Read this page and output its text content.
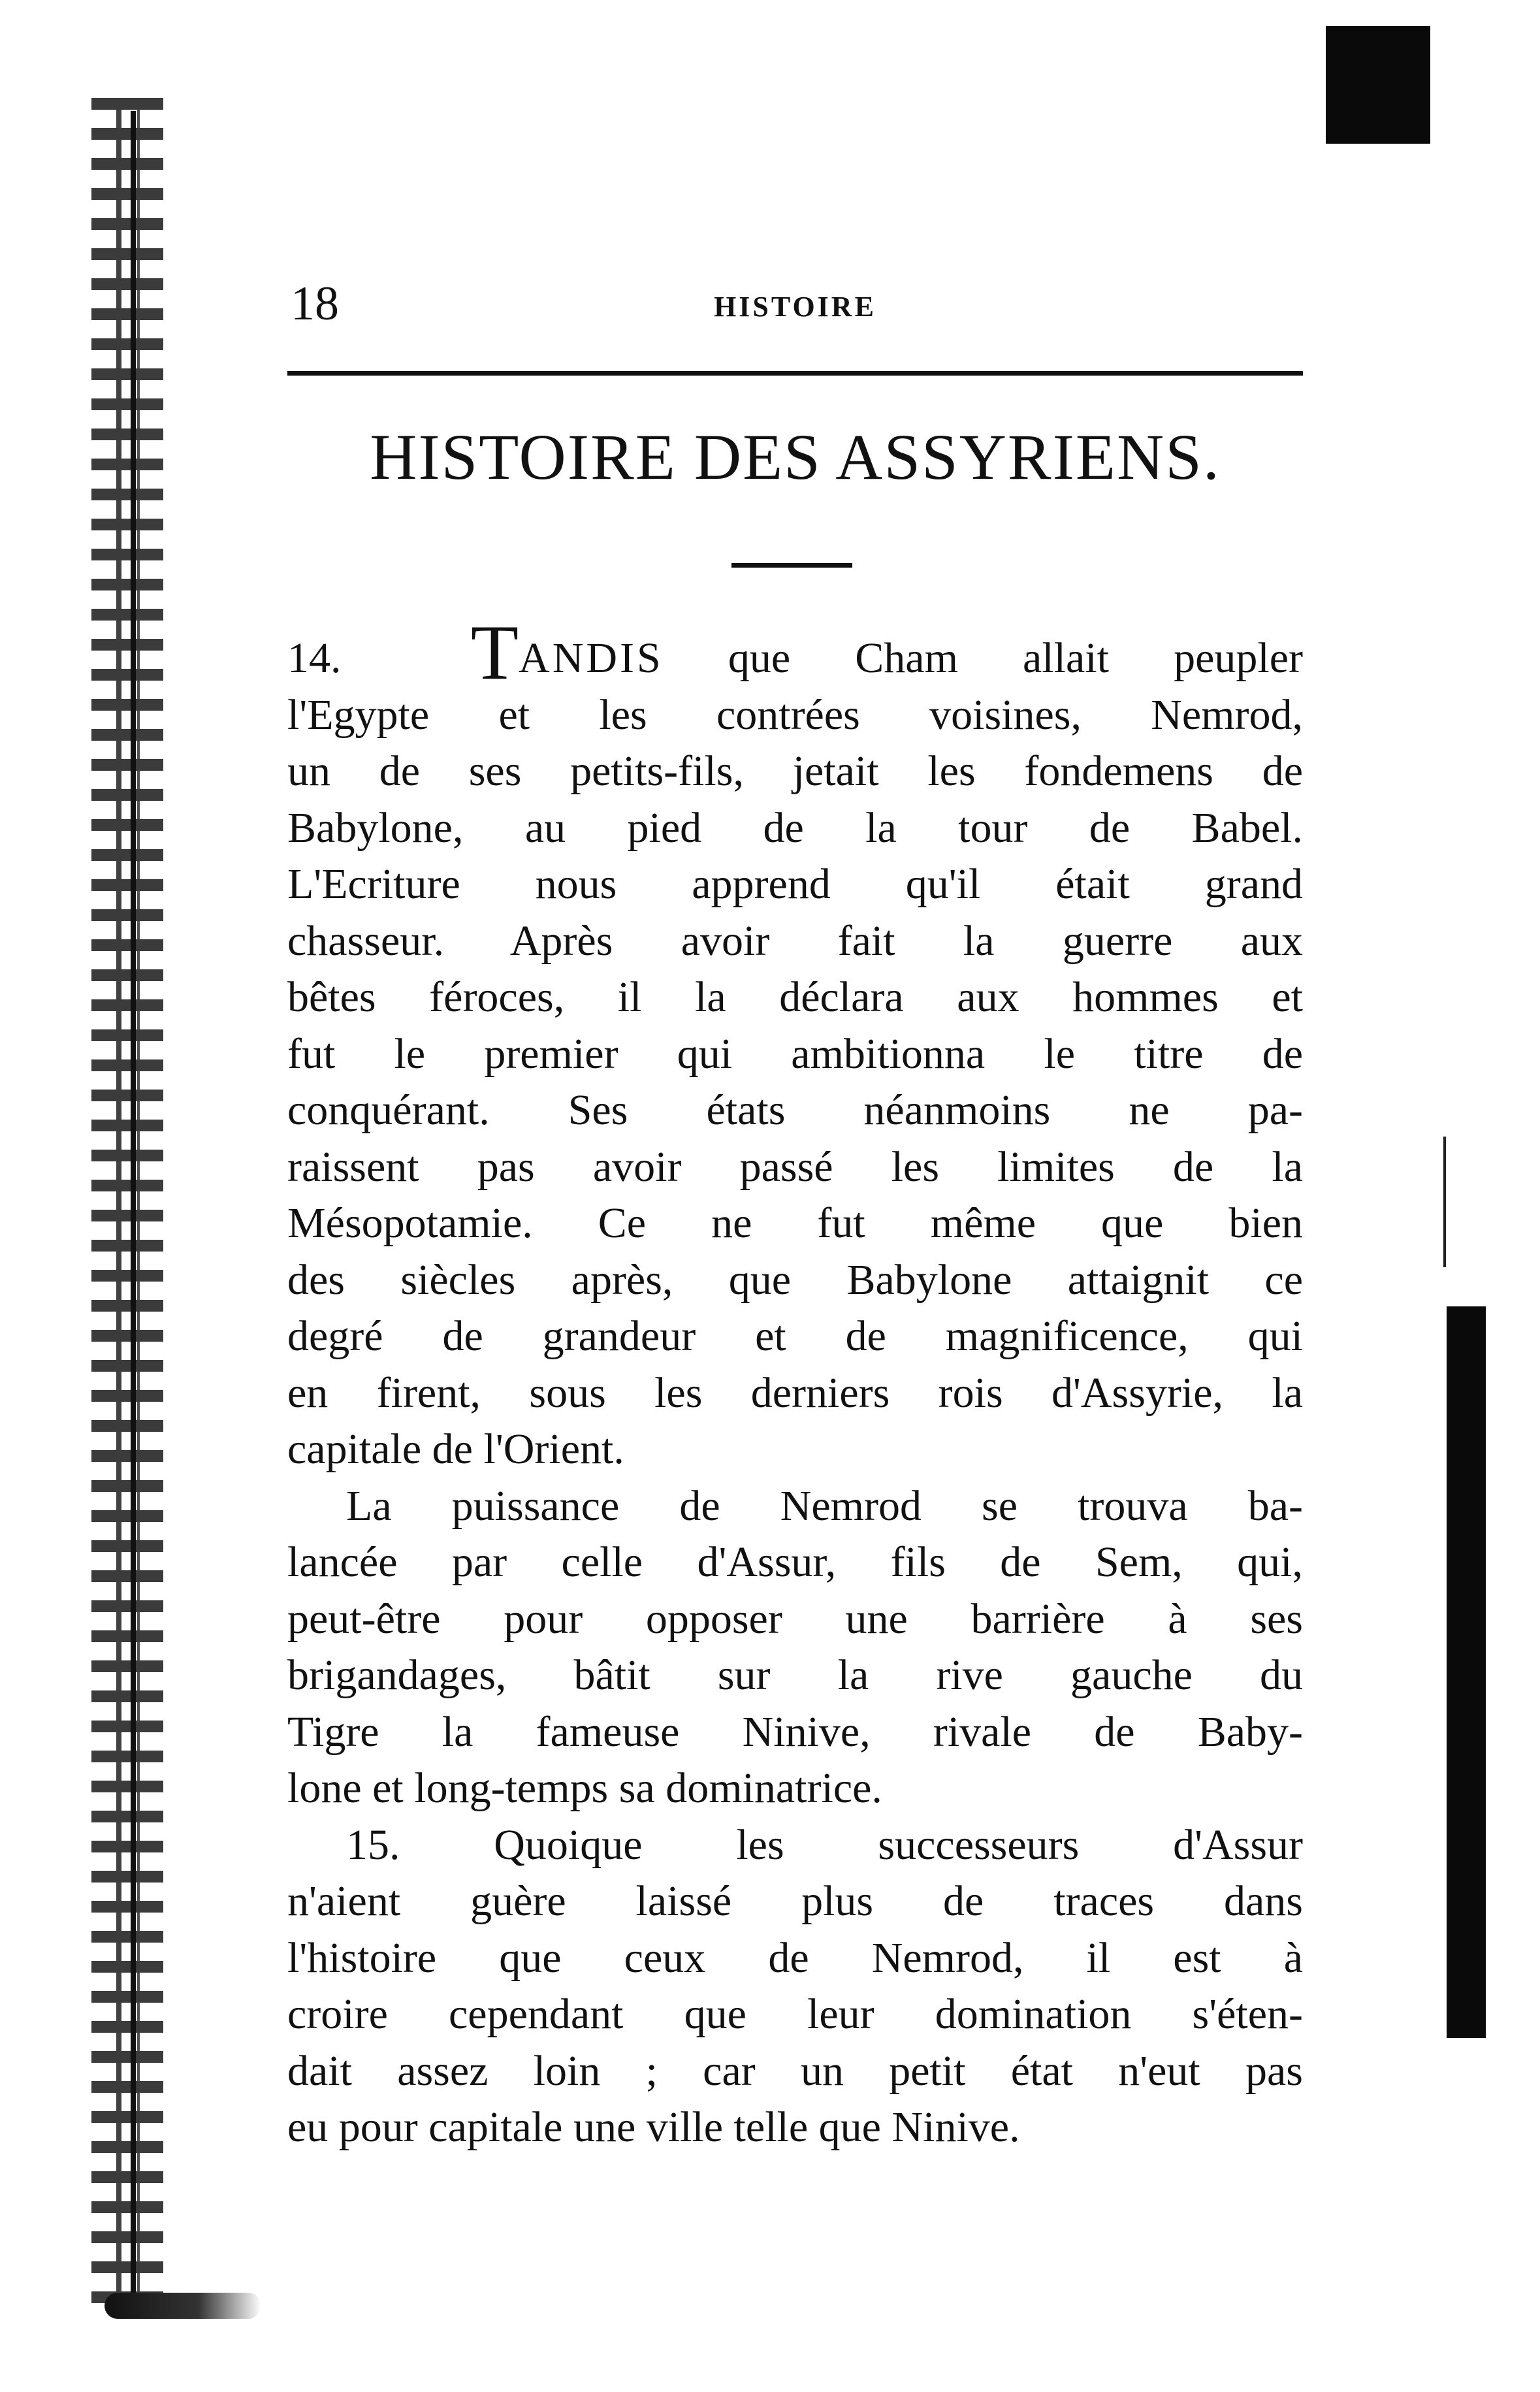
18	HISTOIRE
HISTOIRE DES ASSYRIENS.
14. TANDIS que Cham allait peupler
l'Egypte et les contrées voisines, Nemrod,
un de ses petits-fils, jetait les fondemens de
Babylone, au pied de la tour de Babel.
L'Ecriture nous apprend qu'il était grand
chasseur. Après avoir fait la guerre aux
bêtes féroces, il la déclara aux hommes et
fut le premier qui ambitionna le titre de
conquérant. Ses états néanmoins ne pa-
raissent pas avoir passé les limites de la
Mésopotamie. Ce ne fut même que bien
des siècles après, que Babylone attaignit ce
degré de grandeur et de magnificence, qui
en firent, sous les derniers rois d'Assyrie, la
capitale de l'Orient.
La puissance de Nemrod se trouva ba-
lancée par celle d'Assur, fils de Sem, qui,
peut-être pour opposer une barrière à ses
brigandages, bâtit sur la rive gauche du
Tigre la fameuse Ninive, rivale de Baby-
lone et long-temps sa dominatrice.
15. Quoique les successeurs d'Assur
n'aient guère laissé plus de traces dans
l'histoire que ceux de Nemrod, il est à
croire cependant que leur domination s'éten-
dait assez loin ; car un petit état n'eut pas
eu pour capitale une ville telle que Ninive.
